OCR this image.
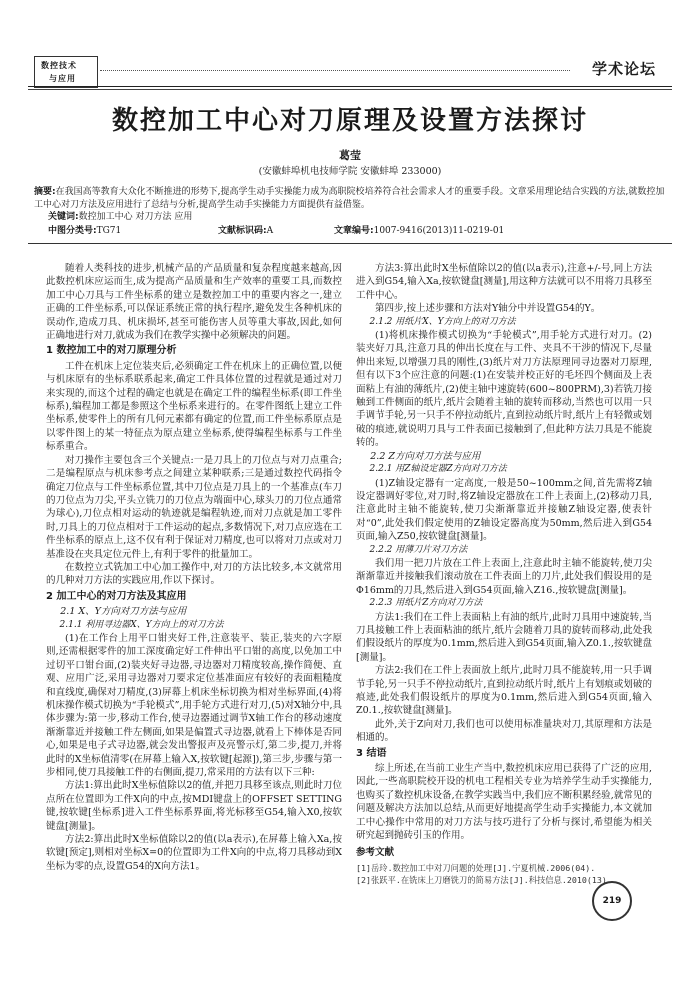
数控技术
与应用	学术论坛
数控加工中心对刀原理及设置方法探讨
葛莹
(安徽蚌埠机电技师学院 安徽蚌埠 233000)
摘要:在我国高等教育大众化不断推进的形势下,提高学生动手实操能力成为高职院校培养符合社会需求人才的重要手段。文章采用理论结合实践的方法,就数控加工中心对刀方法及应用进行了总结与分析,提高学生动手实操能力方面提供有益借鉴。
关键词:数控加工中心 对刀方法 应用
中图分类号:TG71	文献标识码:A	文章编号:1007-9416(2013)11-0219-01

随着人类科技的进步,机械产品的产品质量和复杂程度越来越高,因此数控机床应运而生,成为提高产品质量和生产效率的重要工具,而数控加工中心刀具与工件坐标系的建立是数控加工中的重要内容之一,建立正确的工件坐标系,可以保证系统正常的执行程序,避免发生各种机床的误动作,造成刀具、机床损坏,甚至可能伤害人员等重大事故,因此,如何正确地进行对刀,就成为我们在教学实操中必须解决的问题。

1 数控加工中的对刀原理分析

工件在机床上定位装夹后,必须确定工件在机床上的正确位置,以便与机床原有的坐标系联系起来,确定工件具体位置的过程就是通过对刀来实现的,而这个过程的确定也就是在确定工件的编程坐标系(即工件坐标系),编程加工都是参照这个坐标系来进行的。在零件图纸上建立工件坐标系,使零件上的所有几何元素都有确定的位置,而工件坐标系原点是以零件图上的某一特征点为原点建立坐标系,使得编程坐标系与工件坐标系重合。

对刀操作主要包含三个关键点:一是刀具上的刀位点与对刀点重合;二是编程原点与机床参考点之间建立某种联系;三是通过数控代码指令确定刀位点与工件坐标系位置,其中刀位点是刀具上的一个基准点(车刀的刀位点为刀尖,平头立铣刀的刀位点为端面中心,球头刀的刀位点通常为球心),刀位点相对运动的轨迹就是编程轨迹,而对刀点就是加工零件时,刀具上的刀位点相对于工件运动的起点,多数情况下,对刀点应选在工件坐标系的原点上,这不仅有利于保证对刀精度,也可以将对刀点或对刀基准设在夹具定位元件上,有利于零件的批量加工。

在数控立式铣加工中心加工操作中,对刀的方法比较多,本文就常用的几种对刀方法的实践应用,作以下探讨。

2 加工中心的对刀方法及其应用
2.1 X、Y方向对刀方法与应用
2.1.1 利用寻边器X、Y方向上的对刀方法

(1)在工作台上用平口钳夹好工件,注意装平、装正,装夹的六字原则,还需根据零件的加工深度确定好工件伸出平口钳的高度,以免加工中过切平口钳台面,(2)装夹好寻边器,寻边器对刀精度较高,操作简便、直观、应用广泛,采用寻边器对刀要求定位基准面应有较好的表面粗糙度和直线度,确保对刀精度,(3)屏幕上机床坐标切换为相对坐标界面,(4)将机床操作模式切换为“手轮模式”,用手轮方式进行对刀,(5)对X轴分中,具体步骤为:第一步,移动工作台,使寻边器通过调节X轴工作台的移动速度渐渐靠近并接触工件左侧面,如果是偏置式寻边器,就看上下棒体是否同心,如果是电子式寻边器,就会发出警报声及亮警示灯,第二步,提刀,并将此时的X坐标值清零(在屏幕上输入X,按软键[起源]),第三步,步骤与第一步相同,使刀具接触工件的右侧面,提刀,常采用的方法有以下三种:

方法1:算出此时X坐标值除以2的值,并把刀具移至该点,则此时刀位点所在位置即为工件X向的中点,按MDI键盘上的OFFSET SETTING键,按软键[坐标系]进入工件坐标系界面,将光标移至G54,输入X0,按软键盘[测量]。

方法2:算出此时X坐标值除以2的值(以a表示),在屏幕上输入Xa,按软键[预定],则相对坐标X=0的位置即为工件X向的中点,将刀具移动到X坐标为零的点,设置G54的X向方法1。

方法3:算出此时X坐标值除以2的值(以a表示),注意+/-号,同上方法进入到G54,输入Xa,按软键盘[测量],用这种方法就可以不用将刀具移至工件中心。

第四步,按上述步骤和方法对Y轴分中并设置G54的Y。

2.1.2 用纸片X、Y方向上的对刀方法

(1)将机床操作模式切换为“手轮模式”,用手轮方式进行对刀。(2)装夹好刀具,注意刀具的伸出长度在与工件、夹具不干涉的情况下,尽量伸出来短,以增强刀具的刚性,(3)纸片对刀方法原理同寻边器对刀原理,但有以下3个应注意的问题:(1)在安装并校正好的毛坯四个侧面及上表面粘上有油的薄纸片,(2)使主轴中速旋转(600~800PRM),3)若铣刀接触到工件侧面的纸片,纸片会随着主轴的旋转而移动,当然也可以用一只手调节手轮,另一只手不停拉动纸片,直到拉动纸片时,纸片上有轻微或划破的痕迹,就说明刀具与工件表面已接触到了,但此种方法刀具是不能旋转的。

2.2 Z方向对刀方法与应用
2.2.1 用Z轴设定器Z方向对刀方法

(1)Z轴设定器有一定高度,一般是50~100mm之间,首先需将Z轴设定器调好零位,对刀时,将Z轴设定器放在工件上表面上,(2)移动刀具,注意此时主轴不能旋转,使刀尖渐渐靠近并接触Z轴设定器,使表针对“0”,此处我们假定使用的Z轴设定器高度为50mm,然后进入到G54页面,输入Z50,按软键盘[测量]。

2.2.2 用薄刀片对刀方法

我们用一把刀片放在工件上表面上,注意此时主轴不能旋转,使刀尖渐渐靠近并接触我们滚动放在工件表面上的刀片,此处我们假设用的是Φ16mm的刀具,然后进入到G54页面,输入Z16.,按软键盘[测量]。

2.2.3 用纸片Z方向对刀方法

方法1:我们在工件上表面粘上有油的纸片,此时刀具用中速旋转,当刀具接触工件上表面粘油的纸片,纸片会随着刀具的旋转而移动,此处我们假设纸片的厚度为0.1mm,然后进入到G54页面,输入Z0.1.,按软键盘[测量]。

方法2:我们在工件上表面放上纸片,此时刀具不能旋转,用一只手调节手轮,另一只手不停拉动纸片,直到拉动纸片时,纸片上有划痕或划破的痕迹,此处我们假设纸片的厚度为0.1mm,然后进入到G54页面,输入Z0.1.,按软键盘[测量]。

此外,关于Z向对刀,我们也可以使用标准量块对刀,其原理和方法是相通的。

3 结语

综上所述,在当前工业生产当中,数控机床应用已获得了广泛的应用,因此,一些高职院校开设的机电工程相关专业为培养学生动手实操能力,也购买了数控机床设备,在教学实践当中,我们应不断积累经验,就常见的问题及解决方法加以总结,从而更好地提高学生动手实操能力,本文就加工中心操作中常用的对刀方法与技巧进行了分析与探讨,希望能为相关研究起到抛砖引玉的作用。

参考文献
[1]岳玲.数控加工中对刀问题的处理[J].宁夏机械.2006(04).
[2]张跃平.在铣床上刀磨铣刀的简易方法[J].科技信息.2010(13).
219
